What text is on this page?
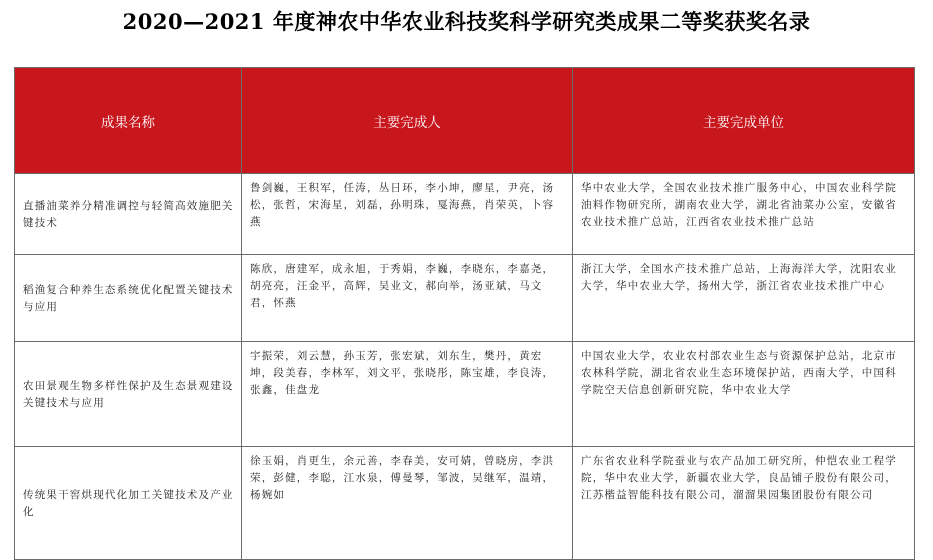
2020—2021 年度神农中华农业科技奖科学研究类成果二等奖获奖名录
成果名称	主要完成人	主要完成单位
直播油菜养分精准调控与轻简高效施肥关键技术	鲁剑巍，王积军，任涛，丛日环，李小坤，廖星，尹亮，汤松，张哲，宋海星，刘磊，孙明珠，戛海燕，肖荣英，卜容燕	华中农业大学，全国农业技术推广服务中心，中国农业科学院油料作物研究所，湖南农业大学，湖北省油菜办公室，安徽省农业技术推广总站，江西省农业技术推广总站
稻渔复合种养生态系统优化配置关键技术与应用	陈欣，唐建军，成永旭，于秀娟，李巍，李晓东，李嘉尧，胡亮亮，汪金平，高辉，吴业文，郝向举，汤亚斌，马文君，怀燕	浙江大学，全国水产技术推广总站，上海海洋大学，沈阳农业大学，华中农业大学，扬州大学，浙江省农业技术推广中心
农田景观生物多样性保护及生态景观建设关键技术与应用	宇振荣，刘云慧，孙玉芳，张宏斌，刘东生，樊丹，黄宏坤，段美春，李林军，刘文平，张晓彤，陈宝雄，李良涛，张鑫，佳盘龙	中国农业大学，农业农村部农业生态与资源保护总站，北京市农林科学院，湖北省农业生态环境保护站，西南大学，中国科学院空天信息创新研究院，华中农业大学
传统果干窖烘现代化加工关键技术及产业化	徐玉娟，肖更生，余元善，李春美，安可婧，曾晓房，李洪荣，彭健，李聪，江水泉，傅曼琴，邹波，吴继军，温靖，杨婉如	广东省农业科学院蚕业与农产品加工研究所，仲恺农业工程学院，华中农业大学，新疆农业大学，良品铺子股份有限公司，江苏楷益智能科技有限公司，溜溜果园集团股份有限公司
